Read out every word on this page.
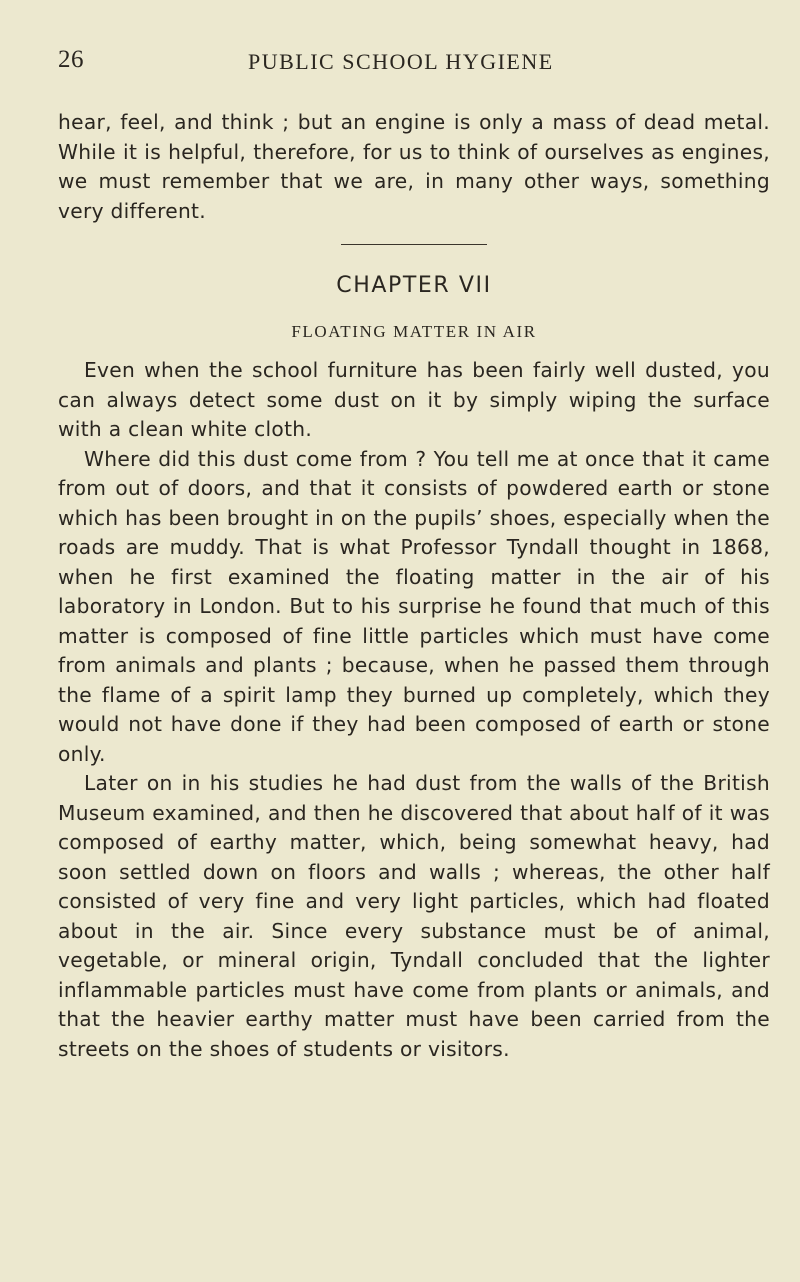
26	PUBLIC SCHOOL HYGIENE

hear, feel, and think ; but an engine is only a mass of dead metal. While it is helpful, therefore, for us to think of ourselves as engines, we must remember that we are, in many other ways, something very different.

CHAPTER VII
FLOATING MATTER IN AIR

Even when the school furniture has been fairly well dusted, you can always detect some dust on it by simply wiping the surface with a clean white cloth.

Where did this dust come from ? You tell me at once that it came from out of doors, and that it consists of powdered earth or stone which has been brought in on the pupils’ shoes, especially when the roads are muddy. That is what Professor Tyndall thought in 1868, when he first examined the floating matter in the air of his laboratory in London. But to his surprise he found that much of this matter is composed of fine little particles which must have come from animals and plants ; because, when he passed them through the flame of a spirit lamp they burned up completely, which they would not have done if they had been composed of earth or stone only.

Later on in his studies he had dust from the walls of the British Museum examined, and then he discovered that about half of it was composed of earthy matter, which, being somewhat heavy, had soon settled down on floors and walls ; whereas, the other half consisted of very fine and very light particles, which had floated about in the air. Since every substance must be of animal, vegetable, or mineral origin, Tyndall concluded that the lighter inflammable particles must have come from plants or animals, and that the heavier earthy matter must have been carried from the streets on the shoes of students or visitors.
